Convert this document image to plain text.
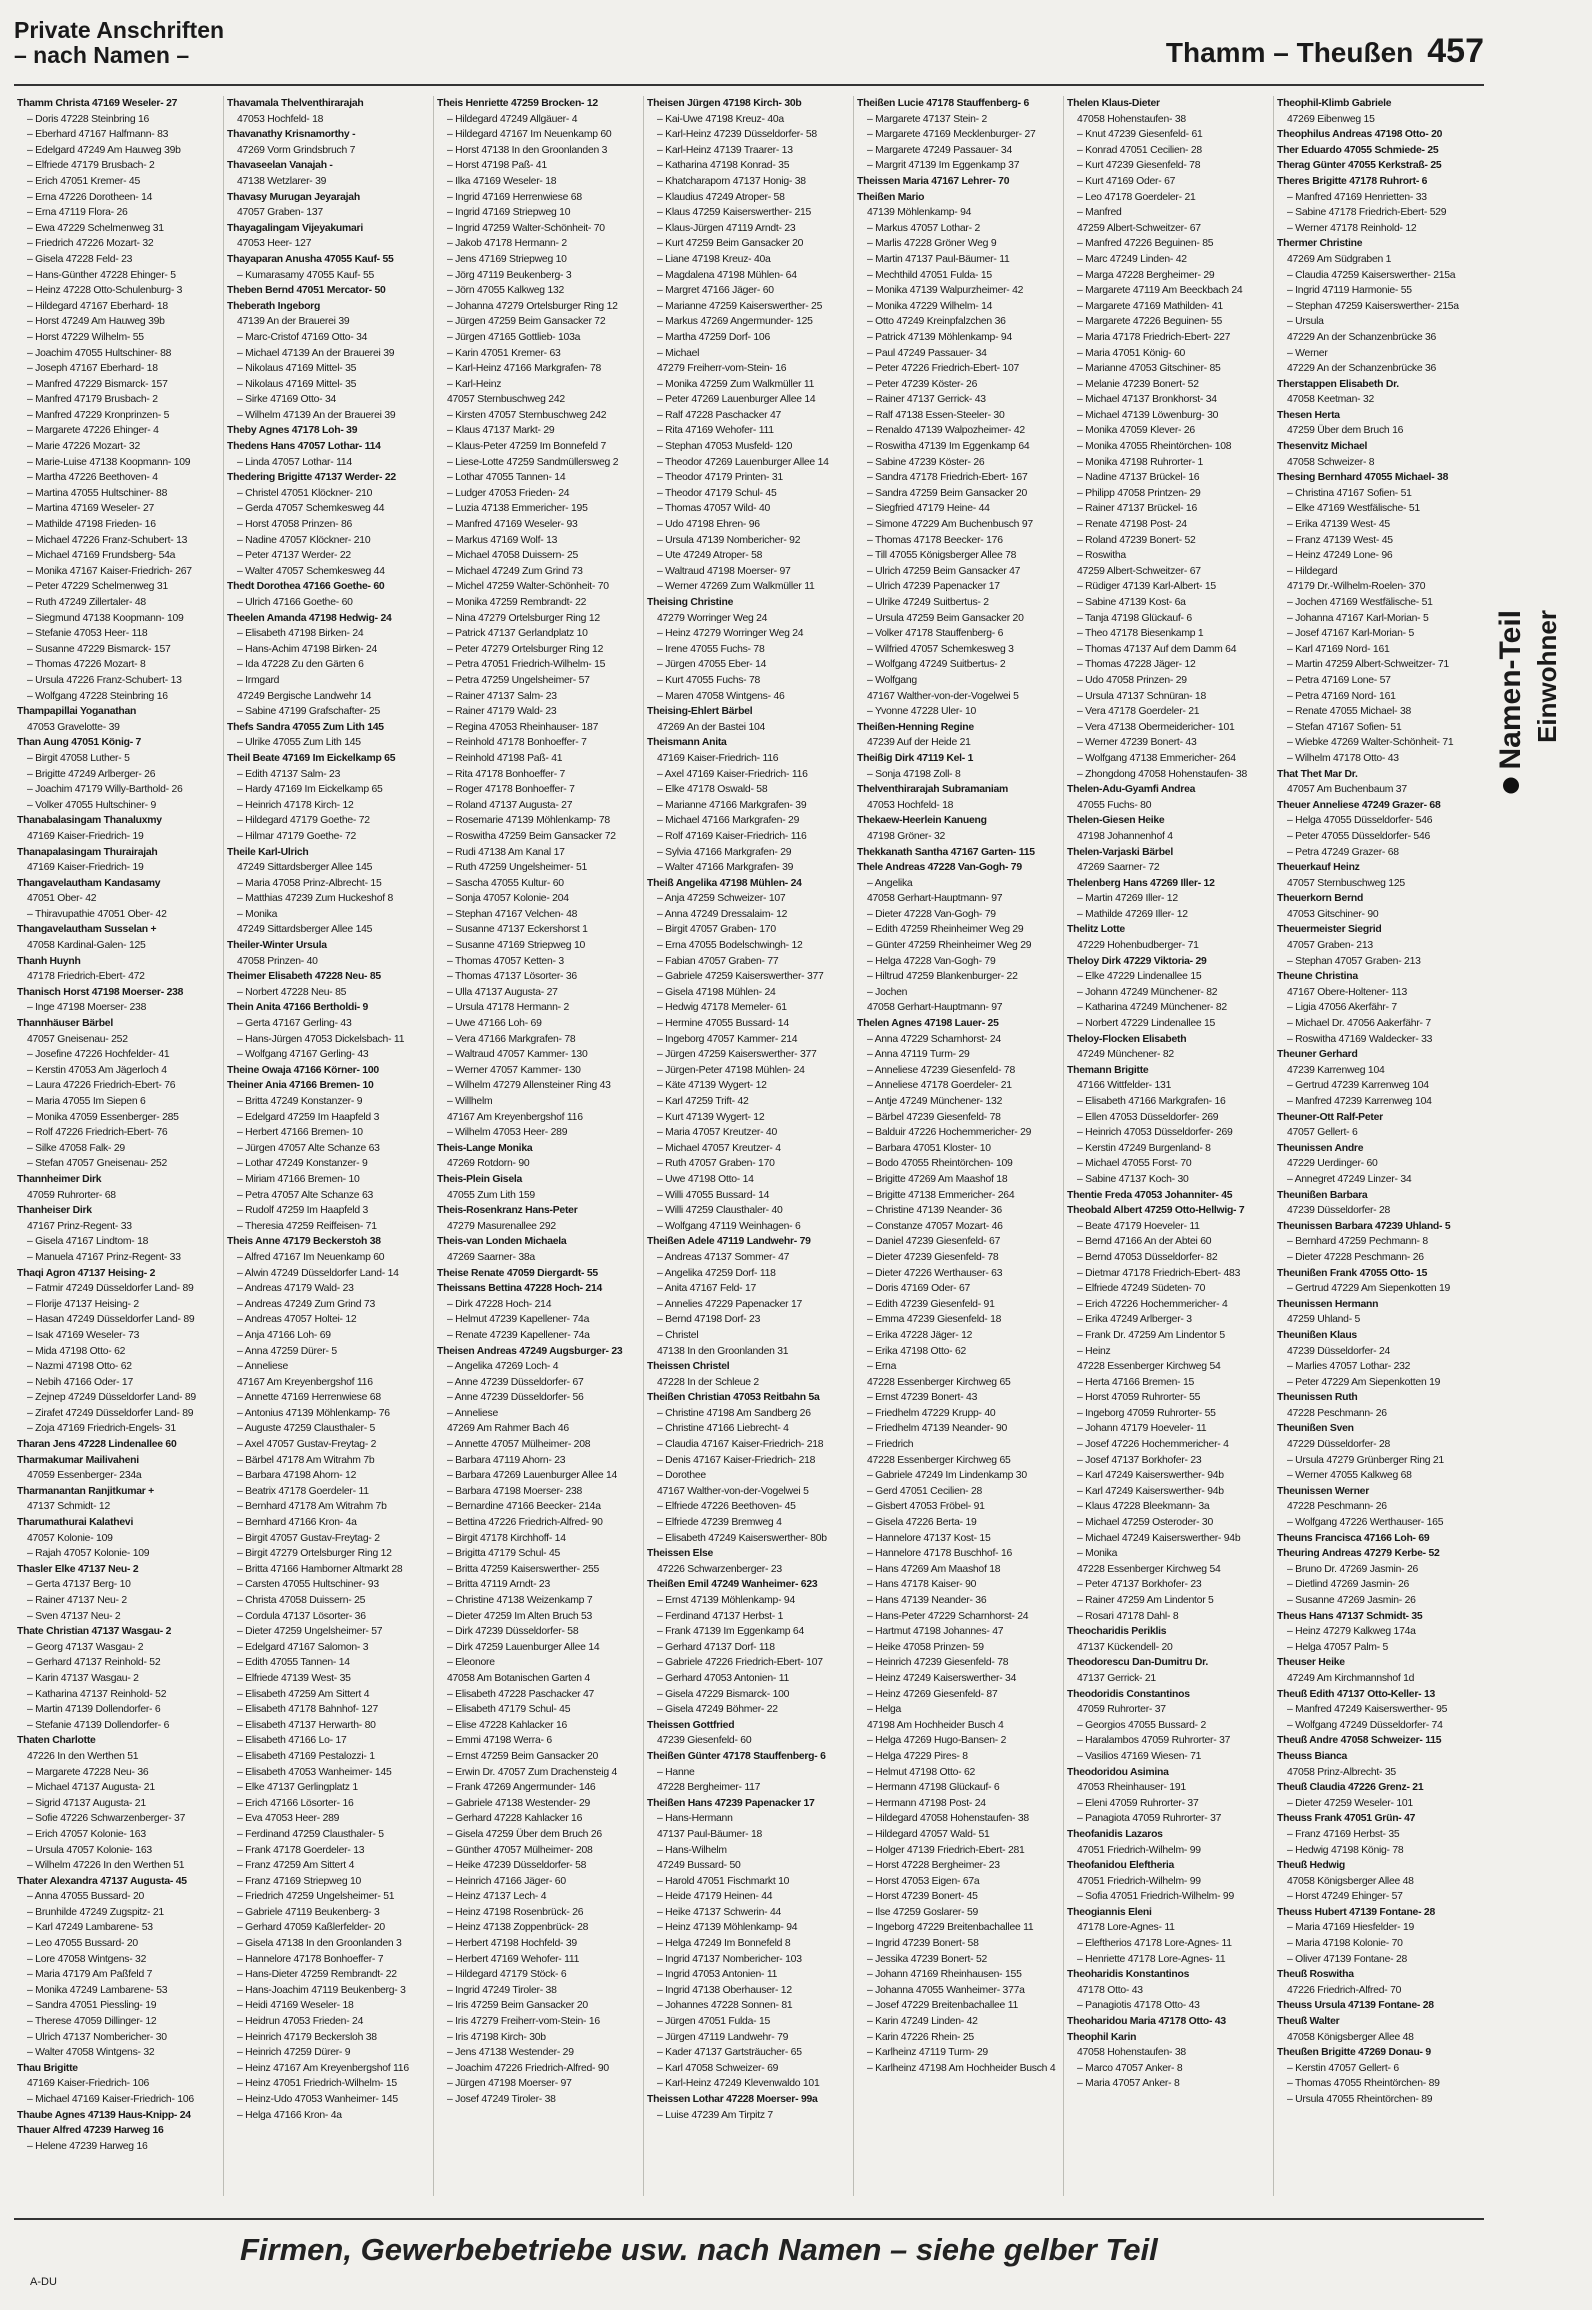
Private Anschriften
– nach Namen –	Thamm – Theußen 457
Thamm Christa 47169 Weseler- 27
– Doris 47228 Steinbring 16
– Eberhard 47167 Halfmann- 83
– Edelgard 47249 Am Hauweg 39b
– Elfriede 47179 Brusbach- 2
– Erich 47051 Kremer- 45
– Erna 47226 Dorotheen- 14
– Erna 47119 Flora- 26
– Ewa 47229 Schelmenweg 31
– Friedrich 47226 Mozart- 32
– Gisela 47228 Feld- 23
– Hans-Günther 47228 Ehinger- 5
– Heinz 47228 Otto-Schulenburg- 3
– Hildegard 47167 Eberhard- 18
– Horst 47249 Am Hauweg 39b
– Horst 47229 Wilhelm- 55
– Joachim 47055 Hultschiner- 88
– Joseph 47167 Eberhard- 18
– Manfred 47229 Bismarck- 157
– Manfred 47179 Brusbach- 2
– Manfred 47229 Kronprinzen- 5
– Margarete 47226 Ehinger- 4
– Marie 47226 Mozart- 32
– Marie-Luise 47138 Koopmann- 109
– Martha 47226 Beethoven- 4
– Martina 47055 Hultschiner- 88
– Martina 47169 Weseler- 27
– Mathilde 47198 Frieden- 16
– Michael 47226 Franz-Schubert- 13
– Michael 47169 Frundsberg- 54a
– Monika 47167 Kaiser-Friedrich- 267
– Peter 47229 Schelmenweg 31
– Ruth 47249 Zillertaler- 48
– Siegmund 47138 Koopmann- 109
– Stefanie 47053 Heer- 118
– Susanne 47229 Bismarck- 157
– Thomas 47226 Mozart- 8
– Ursula 47226 Franz-Schubert- 13
– Wolfgang 47228 Steinbring 16
Thampapillai Yoganathan
47053 Gravelotte- 39
Than Aung 47051 König- 7
– Birgit 47058 Luther- 5
– Brigitte 47249 Arlberger- 26
– Joachim 47179 Willy-Barthold- 26
– Volker 47055 Hultschiner- 9
Thanabalasingam Thanaluxmy
47169 Kaiser-Friedrich- 19
Thanapalasingam Thurairajah
47169 Kaiser-Friedrich- 19
Thangavelautham Kandasamy
47051 Ober- 42
– Thiravupathie 47051 Ober- 42
Thangavelautham Susselan +
47058 Kardinal-Galen- 125
Thanh Huynh
47178 Friedrich-Ebert- 472
Thanisch Horst 47198 Moerser- 238
– Inge 47198 Moerser- 238
Thannhäuser Bärbel
47057 Gneisenau- 252
– Josefine 47226 Hochfelder- 41
– Kerstin 47053 Am Jägerloch 4
– Laura 47226 Friedrich-Ebert- 76
– Maria 47055 Im Siepen 6
– Monika 47059 Essenberger- 285
– Rolf 47226 Friedrich-Ebert- 76
– Silke 47058 Falk- 29
– Stefan 47057 Gneisenau- 252
Thannheimer Dirk
47059 Ruhrorter- 68
Thanheiser Dirk
47167 Prinz-Regent- 33
– Gisela 47167 Lindtom- 18
– Manuela 47167 Prinz-Regent- 33
Thaqi Agron 47137 Heising- 2
– Fatmir 47249 Düsseldorfer Land- 89
– Florije 47137 Heising- 2
– Hasan 47249 Düsseldorfer Land- 89
– Isak 47169 Weseler- 73
– Mida 47198 Otto- 62
– Nazmi 47198 Otto- 62
– Nebih 47166 Oder- 17
– Zejnep 47249 Düsseldorfer Land- 89
– Zirafet 47249 Düsseldorfer Land- 89
– Zoja 47169 Friedrich-Engels- 31
Tharan Jens 47228 Lindenallee 60
Tharmakumar Mailivaheni
47059 Essenberger- 234a
Tharmanantan Ranjitkumar +
47137 Schmidt- 12
Tharumathurai Kalathevi
47057 Kolonie- 109
– Rajah 47057 Kolonie- 109
Thasler Elke 47137 Neu- 2
– Gerta 47137 Berg- 10
– Rainer 47137 Neu- 2
– Sven 47137 Neu- 2
Thate Christian 47137 Wasgau- 2
– Georg 47137 Wasgau- 2
– Gerhard 47137 Reinhold- 52
– Karin 47137 Wasgau- 2
– Katharina 47137 Reinhold- 52
– Martin 47139 Dollendorfer- 6
– Stefanie 47139 Dollendorfer- 6
Thaten Charlotte
47226 In den Werthen 51
– Margarete 47228 Neu- 36
– Michael 47137 Augusta- 21
– Sigrid 47137 Augusta- 21
– Sofie 47226 Schwarzenberger- 37
– Erich 47057 Kolonie- 163
– Ursula 47057 Kolonie- 163
– Wilhelm 47226 In den Werthen 51
Thater Alexandra 47137 Augusta- 45
– Anna 47055 Bussard- 20
– Brunhilde 47249 Zugspitz- 21
– Karl 47249 Lambarene- 53
– Leo 47055 Bussard- 20
– Lore 47058 Wintgens- 32
– Maria 47179 Am Paßfeld 7
– Monika 47249 Lambarene- 53
– Sandra 47051 Piessling- 19
– Therese 47059 Dillinger- 12
– Ulrich 47137 Nombericher- 30
– Walter 47058 Wintgens- 32
Thau Brigitte
47169 Kaiser-Friedrich- 106
– Michael 47169 Kaiser-Friedrich- 106
Thaube Agnes 47139 Haus-Knipp- 24
Thauer Alfred 47239 Harweg 16
– Helene 47239 Harweg 16
Thavamala Thelventhirarajah
47053 Hochfeld- 18
Thavanathy Krisnamorthy -
47269 Vorm Grindsbruch 7
Thavaseelan Vanajah -
47138 Wetzlarer- 39
Thavasy Murugan Jeyarajah
47057 Graben- 137
Thayagalingam Vijeyakumari
47053 Heer- 127
Thayaparan Anusha 47055 Kauf- 55
– Kumarasamy 47055 Kauf- 55
Theben Bernd 47051 Mercator- 50
Theberath Ingeborg
47139 An der Brauerei 39
– Marc-Cristof 47169 Otto- 34
– Michael 47139 An der Brauerei 39
– Nikolaus 47169 Mittel- 35
– Nikolaus 47169 Mittel- 35
– Sirke 47169 Otto- 34
– Wilhelm 47139 An der Brauerei 39
Theby Agnes 47178 Loh- 39
Thedens Hans 47057 Lothar- 114
– Linda 47057 Lothar- 114
Thedering Brigitte 47137 Werder- 22
– Christel 47051 Klöckner- 210
– Gerda 47057 Schemkesweg 44
– Horst 47058 Prinzen- 86
– Nadine 47057 Klöckner- 210
– Peter 47137 Werder- 22
– Walter 47057 Schemkesweg 44
Thedt Dorothea 47166 Goethe- 60
– Ulrich 47166 Goethe- 60
Theelen Amanda 47198 Hedwig- 24
– Elisabeth 47198 Birken- 24
– Hans-Achim 47198 Birken- 24
– Ida 47228 Zu den Gärten 6
– Irmgard
47249 Bergische Landwehr 14
– Sabine 47199 Grafschafter- 25
Thefs Sandra 47055 Zum Lith 145
– Ulrike 47055 Zum Lith 145
Theil Beate 47169 Im Eickelkamp 65
– Edith 47137 Salm- 23
– Hardy 47169 Im Eickelkamp 65
– Heinrich 47178 Kirch- 12
– Hildegard 47179 Goethe- 72
– Hilmar 47179 Goethe- 72
Theile Karl-Ulrich
47249 Sittardsberger Allee 145
– Maria 47058 Prinz-Albrecht- 15
– Matthias 47239 Zum Huckeshof 8
– Monika
47249 Sittardsberger Allee 145
Theiler-Winter Ursula
47058 Prinzen- 40
Theimer Elisabeth 47228 Neu- 85
– Norbert 47228 Neu- 85
Thein Anita 47166 Bertholdi- 9
– Gerta 47167 Gerling- 43
– Hans-Jürgen 47053 Dickelsbach- 11
– Wolfgang 47167 Gerling- 43
Theine Owaja 47166 Körner- 100
Theiner Ania 47166 Bremen- 10
– Britta 47249 Konstanzer- 9
– Edelgard 47259 Im Haapfeld 3
– Herbert 47166 Bremen- 10
– Jürgen 47057 Alte Schanze 63
– Lothar 47249 Konstanzer- 9
– Miriam 47166 Bremen- 10
– Petra 47057 Alte Schanze 63
– Rudolf 47259 Im Haapfeld 3
– Theresia 47259 Reiffeisen- 71
Theis Anne 47179 Beckerstoh 38
– Alfred 47167 Im Neuenkamp 60
– Alwin 47249 Düsseldorfer Land- 14
– Andreas 47179 Wald- 23
– Andreas 47249 Zum Grind 73
– Andreas 47057 Holtei- 12
– Anja 47166 Loh- 69
– Anna 47259 Dürer- 5
– Anneliese
47167 Am Kreyenbergshof 116
– Annette 47169 Herrenwiese 68
– Antonius 47139 Möhlenkamp- 76
– Auguste 47259 Clausthaler- 5
– Axel 47057 Gustav-Freytag- 2
– Bärbel 47178 Am Witrahm 7b
– Barbara 47198 Ahorn- 12
– Beatrix 47178 Goerdeler- 11
– Bernhard 47178 Am Witrahm 7b
– Bernhard 47166 Kron- 4a
– Birgit 47057 Gustav-Freytag- 2
– Birgit 47279 Ortelsburger Ring 12
– Britta 47166 Hamborner Altmarkt 28
– Carsten 47055 Hultschiner- 93
– Christa 47058 Duissern- 25
– Cordula 47137 Lösorter- 36
– Dieter 47259 Ungelsheimer- 57
– Edelgard 47167 Salomon- 3
– Edith 47055 Tannen- 14
– Elfriede 47139 West- 35
– Elisabeth 47259 Am Sittert 4
– Elisabeth 47178 Bahnhof- 127
– Elisabeth 47137 Herwarth- 80
– Elisabeth 47166 Lo- 17
– Elisabeth 47169 Pestalozzi- 1
– Elisabeth 47053 Wanheimer- 145
– Elke 47137 Gerlingplatz 1
– Erich 47166 Lösorter- 16
– Eva 47053 Heer- 289
– Ferdinand 47259 Clausthaler- 5
– Frank 47178 Goerdeler- 13
– Franz 47259 Am Sittert 4
– Franz 47169 Striepweg 10
– Friedrich 47259 Ungelsheimer- 51
– Gabriele 47119 Beukenberg- 3
– Gerhard 47059 Kaßlerfelder- 20
– Gisela 47138 In den Groonlanden 3
– Hannelore 47178 Bonhoeffer- 7
– Hans-Dieter 47259 Rembrandt- 22
– Hans-Joachim 47119 Beukenberg- 3
– Heidi 47169 Weseler- 18
– Heidrun 47053 Frieden- 24
– Heinrich 47179 Beckersloh 38
– Heinrich 47259 Dürer- 9
– Heinz 47167 Am Kreyenbergshof 116
– Heinz 47051 Friedrich-Wilhelm- 15
– Heinz-Udo 47053 Wanheimer- 145
– Helga 47166 Kron- 4a
Theis Henriette 47259 Brocken- 12
– Hildegard 47249 Allgäuer- 4
– Hildegard 47167 Im Neuenkamp 60
– Horst 47138 In den Groonlanden 3
– Horst 47198 Paß- 41
– Ilka 47169 Weseler- 18
– Ingrid 47169 Herrenwiese 68
– Ingrid 47169 Striepweg 10
– Ingrid 47259 Walter-Schönheit- 70
– Jakob 47178 Hermann- 2
– Jens 47169 Striepweg 10
– Jörg 47119 Beukenberg- 3
– Jörn 47055 Kalkweg 132
– Johanna 47279 Ortelsburger Ring 12
– Jürgen 47259 Beim Gansacker 72
– Jürgen 47165 Gottlieb- 103a
– Karin 47051 Kremer- 63
– Karl-Heinz 47166 Markgrafen- 78
– Karl-Heinz
47057 Sternbuschweg 242
– Kirsten 47057 Sternbuschweg 242
– Klaus 47137 Markt- 29
– Klaus-Peter 47259 Im Bonnefeld 7
– Liese-Lotte 47259 Sandmüllersweg 2
– Lothar 47055 Tannen- 14
– Ludger 47053 Frieden- 24
– Luzia 47138 Emmericher- 195
– Manfred 47169 Weseler- 93
– Markus 47169 Wolf- 13
– Michael 47058 Duissern- 25
– Michael 47249 Zum Grind 73
– Michel 47259 Walter-Schönheit- 70
– Monika 47259 Rembrandt- 22
– Nina 47279 Ortelsburger Ring 12
– Patrick 47137 Gerlandplatz 10
– Peter 47279 Ortelsburger Ring 12
– Petra 47051 Friedrich-Wilhelm- 15
– Petra 47259 Ungelsheimer- 57
– Rainer 47137 Salm- 23
– Rainer 47179 Wald- 23
– Regina 47053 Rheinhauser- 187
– Reinhold 47178 Bonhoeffer- 7
– Reinhold 47198 Paß- 41
– Rita 47178 Bonhoeffer- 7
– Roger 47178 Bonhoeffer- 7
– Roland 47137 Augusta- 27
– Rosemarie 47139 Möhlenkamp- 78
– Roswitha 47259 Beim Gansacker 72
– Rudi 47138 Am Kanal 17
– Ruth 47259 Ungelsheimer- 51
– Sascha 47055 Kultur- 60
– Sonja 47057 Kolonie- 204
– Stephan 47167 Velchen- 48
– Susanne 47137 Eckershorst 1
– Susanne 47169 Striepweg 10
– Thomas 47057 Ketten- 3
– Thomas 47137 Lösorter- 36
– Ulla 47137 Augusta- 27
– Ursula 47178 Hermann- 2
– Uwe 47166 Loh- 69
– Vera 47166 Markgrafen- 78
– Waltraud 47057 Kammer- 130
– Werner 47057 Kammer- 130
– Wilhelm 47279 Allensteiner Ring 43
– Willhelm
47167 Am Kreyenbergshof 116
– Wilhelm 47053 Heer- 289
Theis-Lange Monika
47269 Rotdorn- 90
Theis-Plein Gisela
47055 Zum Lith 159
Theis-Rosenkranz Hans-Peter
47279 Masurenallee 292
Theis-van Londen Michaela
47269 Saarner- 38a
Theise Renate 47059 Diergardt- 55
Theissans Bettina 47228 Hoch- 214
– Dirk 47228 Hoch- 214
– Helmut 47239 Kapellener- 74a
– Renate 47239 Kapellener- 74a
Theisen Andreas 47249 Augsburger- 23
– Angelika 47269 Loch- 4
– Anne 47239 Düsseldorfer- 67
– Anne 47239 Düsseldorfer- 56
– Anneliese
47269 Am Rahmer Bach 46
– Annette 47057 Mülheimer- 208
– Barbara 47119 Ahorn- 23
– Barbara 47269 Lauenburger Allee 14
– Barbara 47198 Moerser- 238
– Bernardine 47166 Beecker- 214a
– Bettina 47226 Friedrich-Alfred- 90
– Birgit 47178 Kirchhoff- 14
– Brigitta 47179 Schul- 45
– Britta 47259 Kaiserswerther- 255
– Britta 47119 Arndt- 23
– Christine 47138 Weizenkamp 7
– Dieter 47259 Im Alten Bruch 53
– Dirk 47239 Düsseldorfer- 58
– Dirk 47259 Lauenburger Allee 14
– Eleonore
47058 Am Botanischen Garten 4
– Elisabeth 47228 Paschacker 47
– Elisabeth 47179 Schul- 45
– Elise 47228 Kahlacker 16
– Emmi 47198 Werra- 6
– Ernst 47259 Beim Gansacker 20
– Erwin Dr. 47057 Zum Drachensteig 4
– Frank 47269 Angermunder- 146
– Gabriele 47138 Westender- 29
– Gerhard 47228 Kahlacker 16
– Gisela 47259 Über dem Bruch 26
– Günther 47057 Mülheimer- 208
– Heike 47239 Düsseldorfer- 58
– Heinrich 47166 Jäger- 60
– Heinz 47137 Lech- 4
– Heinz 47198 Rosenbrück- 26
– Heinz 47138 Zoppenbrück- 28
– Herbert 47198 Hochfeld- 39
– Herbert 47169 Wehofer- 111
– Hildegard 47179 Stöck- 6
– Ingrid 47249 Tiroler- 38
– Iris 47259 Beim Gansacker 20
– Iris 47279 Freiherr-vom-Stein- 16
– Iris 47198 Kirch- 30b
– Jens 47138 Westender- 29
– Joachim 47226 Friedrich-Alfred- 90
– Jürgen 47198 Moerser- 97
– Josef 47249 Tiroler- 38
Theisen Jürgen 47198 Kirch- 30b
– Kai-Uwe 47198 Kreuz- 40a
– Karl-Heinz 47239 Düsseldorfer- 58
– Karl-Heinz 47139 Traarer- 13
– Katharina 47198 Konrad- 35
– Khatcharaporn 47137 Honig- 38
– Klaudius 47249 Atroper- 58
– Klaus 47259 Kaiserswerther- 215
– Klaus-Jürgen 47119 Arndt- 23
– Kurt 47259 Beim Gansacker 20
– Liane 47198 Kreuz- 40a
– Magdalena 47198 Mühlen- 64
– Margret 47166 Jäger- 60
– Marianne 47259 Kaiserswerther- 25
– Markus 47269 Angermunder- 125
– Martha 47259 Dorf- 106
– Michael
47279 Freiherr-vom-Stein- 16
– Monika 47259 Zum Walkmüller 11
– Peter 47269 Lauenburger Allee 14
– Ralf 47228 Paschacker 47
– Rita 47169 Wehofer- 111
– Stephan 47053 Musfeld- 120
– Theodor 47269 Lauenburger Allee 14
– Theodor 47179 Printen- 31
– Theodor 47179 Schul- 45
– Thomas 47057 Wild- 40
– Udo 47198 Ehren- 96
– Ursula 47139 Nombericher- 92
– Ute 47249 Atroper- 58
– Waltraud 47198 Moerser- 97
– Werner 47269 Zum Walkmüller 11
Theising Christine
47279 Worringer Weg 24
– Heinz 47279 Worringer Weg 24
– Irene 47055 Fuchs- 78
– Jürgen 47055 Eber- 14
– Kurt 47055 Fuchs- 78
– Maren 47058 Wintgens- 46
Theising-Ehlert Bärbel
47269 An der Bastei 104
Theismann Anita
47169 Kaiser-Friedrich- 116
– Axel 47169 Kaiser-Friedrich- 116
– Elke 47178 Oswald- 58
– Marianne 47166 Markgrafen- 39
– Michael 47166 Markgrafen- 29
– Rolf 47169 Kaiser-Friedrich- 116
– Sylvia 47166 Markgrafen- 29
– Walter 47166 Markgrafen- 39
Theiß Angelika 47198 Mühlen- 24
– Anja 47259 Schweizer- 107
– Anna 47249 Dressalaim- 12
– Birgit 47057 Graben- 170
– Erna 47055 Bodelschwingh- 12
– Fabian 47057 Graben- 77
– Gabriele 47259 Kaiserswerther- 377
– Gisela 47198 Mühlen- 24
– Hedwig 47178 Memeler- 61
– Hermine 47055 Bussard- 14
– Ingeborg 47057 Kammer- 214
– Jürgen 47259 Kaiserswerther- 377
– Jürgen-Peter 47198 Mühlen- 24
– Käte 47139 Wygert- 12
– Karl 47259 Trift- 42
– Kurt 47139 Wygert- 12
– Maria 47057 Kreutzer- 40
– Michael 47057 Kreutzer- 4
– Ruth 47057 Graben- 170
– Uwe 47198 Otto- 14
– Willi 47055 Bussard- 14
– Willi 47259 Clausthaler- 40
– Wolfgang 47119 Weinhagen- 6
Theißen Adele 47119 Landwehr- 79
– Andreas 47137 Sommer- 47
– Angelika 47259 Dorf- 118
– Anita 47167 Feld- 17
– Annelies 47229 Papenacker 17
– Bernd 47198 Dorf- 23
– Christel
47138 In den Groonlanden 31
Theissen Christel
47228 In der Schleue 2
Theißen Christian 47053 Reitbahn 5a
– Christine 47198 Am Sandberg 26
– Christine 47166 Liebrecht- 4
– Claudia 47167 Kaiser-Friedrich- 218
– Denis 47167 Kaiser-Friedrich- 218
– Dorothee
47167 Walther-von-der-Vogelwei 5
– Elfriede 47226 Beethoven- 45
– Elfriede 47239 Bremweg 4
– Elisabeth 47249 Kaiserswerther- 80b
Theissen Else
47226 Schwarzenberger- 23
Theißen Emil 47249 Wanheimer- 623
– Ernst 47139 Möhlenkamp- 94
– Ferdinand 47137 Herbst- 1
– Frank 47139 Im Eggenkamp 64
– Gerhard 47137 Dorf- 118
– Gabriele 47226 Friedrich-Ebert- 107
– Gerhard 47053 Antonien- 11
– Gisela 47229 Bismarck- 100
– Gisela 47249 Böhmer- 22
Theissen Gottfried
47239 Giesenfeld- 60
Theißen Günter 47178 Stauffenberg- 6
– Hanne
47228 Bergheimer- 117
Theißen Hans 47239 Papenacker 17
– Hans-Hermann
47137 Paul-Bäumer- 18
– Hans-Wilhelm
47249 Bussard- 50
– Harold 47051 Fischmarkt 10
– Heide 47179 Heinen- 44
– Heike 47137 Schwerin- 44
– Heinz 47139 Möhlenkamp- 94
– Helga 47249 Im Bonnefeld 8
– Ingrid 47137 Nombericher- 103
– Ingrid 47053 Antonien- 11
– Ingrid 47138 Oberhauser- 12
– Johannes 47228 Sonnen- 81
– Jürgen 47051 Fulda- 15
– Jürgen 47119 Landwehr- 79
– Kader 47137 Gartsträucher- 65
– Karl 47058 Schweizer- 69
– Karl-Heinz 47249 Klevenwaldo 101
Theissen Lothar 47228 Moerser- 99a
– Luise 47239 Am Tirpitz 7
Theißen Lucie 47178 Stauffenberg- 6
– Margarete 47137 Stein- 2
– Margarete 47169 Mecklenburger- 27
– Margarete 47249 Passauer- 34
– Margrit 47139 Im Eggenkamp 37
Theissen Maria 47167 Lehrer- 70
Theißen Mario
47139 Möhlenkamp- 94
– Markus 47057 Lothar- 2
– Marlis 47228 Gröner Weg 9
– Martin 47137 Paul-Bäumer- 11
– Mechthild 47051 Fulda- 15
– Monika 47139 Walpurzheimer- 42
– Monika 47229 Wilhelm- 14
– Otto 47249 Kreinpfalzchen 36
– Patrick 47139 Möhlenkamp- 94
– Paul 47249 Passauer- 34
– Peter 47226 Friedrich-Ebert- 107
– Peter 47239 Köster- 26
– Rainer 47137 Gerrick- 43
– Ralf 47138 Essen-Steeler- 30
– Renaldo 47139 Walpozheimer- 42
– Roswitha 47139 Im Eggenkamp 64
– Sabine 47239 Köster- 26
– Sandra 47178 Friedrich-Ebert- 167
– Sandra 47259 Beim Gansacker 20
– Siegfried 47179 Heine- 44
– Simone 47229 Am Buchenbusch 97
– Thomas 47178 Beecker- 176
– Till 47055 Königsberger Allee 78
– Ulrich 47259 Beim Gansacker 47
– Ulrich 47239 Papenacker 17
– Ulrike 47249 Suitbertus- 2
– Ursula 47259 Beim Gansacker 20
– Volker 47178 Stauffenberg- 6
– Wilfried 47057 Schemkesweg 3
– Wolfgang 47249 Suitbertus- 2
– Wolfgang
47167 Walther-von-der-Vogelwei 5
– Yvonne 47228 Uler- 10
Theißen-Henning Regine
47239 Auf der Heide 21
Theißig Dirk 47119 Kel- 1
– Sonja 47198 Zoll- 8
Thelventhirarajah Subramaniam
47053 Hochfeld- 18
Thekaew-Heerlein Kanueng
47198 Gröner- 32
Thekkanath Santha 47167 Garten- 115
Thele Andreas 47228 Van-Gogh- 79
– Angelika
47058 Gerhart-Hauptmann- 97
– Dieter 47228 Van-Gogh- 79
– Edith 47259 Rheinheimer Weg 29
– Günter 47259 Rheinheimer Weg 29
– Helga 47228 Van-Gogh- 79
– Hiltrud 47259 Blankenburger- 22
– Jochen
47058 Gerhart-Hauptmann- 97
Thelen Agnes 47198 Lauer- 25
– Anna 47229 Scharnhorst- 24
– Anna 47119 Turm- 29
– Anneliese 47239 Giesenfeld- 78
– Anneliese 47178 Goerdeler- 21
– Antje 47249 Münchener- 132
– Bärbel 47239 Giesenfeld- 78
– Balduir 47226 Hochemmericher- 29
– Barbara 47051 Kloster- 10
– Bodo 47055 Rheintörchen- 109
– Brigitte 47269 Am Maashof 18
– Brigitte 47138 Emmericher- 264
– Christine 47139 Neander- 36
– Constanze 47057 Mozart- 46
– Daniel 47239 Giesenfeld- 67
– Dieter 47239 Giesenfeld- 78
– Dieter 47226 Werthauser- 63
– Doris 47169 Oder- 67
– Edith 47239 Giesenfeld- 91
– Emma 47239 Giesenfeld- 18
– Erika 47228 Jäger- 12
– Erika 47198 Otto- 62
– Erna
47228 Essenberger Kirchweg 65
– Ernst 47239 Bonert- 43
– Friedhelm 47229 Krupp- 40
– Friedhelm 47139 Neander- 90
– Friedrich
47228 Essenberger Kirchweg 65
– Gabriele 47249 Im Lindenkamp 30
– Gerd 47051 Cecilien- 28
– Gisbert 47053 Fröbel- 91
– Gisela 47226 Berta- 19
– Hannelore 47137 Kost- 15
– Hannelore 47178 Buschhof- 16
– Hans 47269 Am Maashof 18
– Hans 47178 Kaiser- 90
– Hans 47139 Neander- 36
– Hans-Peter 47229 Scharnhorst- 24
– Hartmut 47198 Johannes- 47
– Heike 47058 Prinzen- 59
– Heinrich 47239 Giesenfeld- 78
– Heinz 47249 Kaiserswerther- 34
– Heinz 47269 Giesenfeld- 87
– Helga
47198 Am Hochheider Busch 4
– Helga 47269 Hugo-Bansen- 2
– Helga 47229 Pires- 8
– Helmut 47198 Otto- 62
– Hermann 47198 Glückauf- 6
– Hermann 47198 Post- 24
– Hildegard 47058 Hohenstaufen- 38
– Hildegard 47057 Wald- 51
– Holger 47139 Friedrich-Ebert- 281
– Horst 47228 Bergheimer- 23
– Horst 47053 Eigen- 67a
– Horst 47239 Bonert- 45
– Ilse 47259 Goslarer- 59
– Ingeborg 47229 Breitenbachallee 11
– Ingrid 47239 Bonert- 58
– Jessika 47239 Bonert- 52
– Johann 47169 Rheinhausen- 155
– Johanna 47055 Wanheimer- 377a
– Josef 47229 Breitenbachallee 11
– Karin 47249 Linden- 42
– Karin 47226 Rhein- 25
– Karlheinz 47119 Turm- 29
– Karlheinz 47198 Am Hochheider Busch 4
Thelen Klaus-Dieter
47058 Hohenstaufen- 38
– Knut 47239 Giesenfeld- 61
– Konrad 47051 Cecilien- 28
– Kurt 47239 Giesenfeld- 78
– Kurt 47169 Oder- 67
– Leo 47178 Goerdeler- 21
– Manfred
47259 Albert-Schweitzer- 67
– Manfred 47226 Beguinen- 85
– Marc 47249 Linden- 42
– Marga 47228 Bergheimer- 29
– Margarete 47119 Am Beeckbach 24
– Margarete 47169 Mathilden- 41
– Margarete 47226 Beguinen- 55
– Maria 47178 Friedrich-Ebert- 227
– Maria 47051 König- 60
– Marianne 47053 Gitschiner- 85
– Melanie 47239 Bonert- 52
– Michael 47137 Bronkhorst- 34
– Michael 47139 Löwenburg- 30
– Monika 47059 Klever- 26
– Monika 47055 Rheintörchen- 108
– Monika 47198 Ruhrorter- 1
– Nadine 47137 Brückel- 16
– Philipp 47058 Printzen- 29
– Rainer 47137 Brückel- 16
– Renate 47198 Post- 24
– Roland 47239 Bonert- 52
– Roswitha
47259 Albert-Schweitzer- 67
– Rüdiger 47139 Karl-Albert- 15
– Sabine 47139 Kost- 6a
– Tanja 47198 Glückauf- 6
– Theo 47178 Biesenkamp 1
– Thomas 47137 Auf dem Damm 64
– Thomas 47228 Jäger- 12
– Udo 47058 Prinzen- 29
– Ursula 47137 Schnüran- 18
– Vera 47178 Goerdeler- 21
– Vera 47138 Obermeidericher- 101
– Werner 47239 Bonert- 43
– Wolfgang 47138 Emmericher- 264
– Zhongdong 47058 Hohenstaufen- 38
Thelen-Adu-Gyamfi Andrea
47055 Fuchs- 80
Thelen-Giesen Heike
47198 Johannenhof 4
Thelen-Varjaski Bärbel
47269 Saarner- 72
Thelenberg Hans 47269 Iller- 12
– Martin 47269 Iller- 12
– Mathilde 47269 Iller- 12
Thelitz Lotte
47229 Hohenbudberger- 71
Theloy Dirk 47229 Viktoria- 29
– Elke 47229 Lindenallee 15
– Johann 47249 Münchener- 82
– Katharina 47249 Münchener- 82
– Norbert 47229 Lindenallee 15
Theloy-Flocken Elisabeth
47249 Münchener- 82
Themann Brigitte
47166 Wittfelder- 131
– Elisabeth 47166 Markgrafen- 16
– Ellen 47053 Düsseldorfer- 269
– Heinrich 47053 Düsseldorfer- 269
– Kerstin 47249 Burgenland- 8
– Michael 47055 Forst- 70
– Sabine 47137 Koch- 30
Thentie Freda 47053 Johanniter- 45
Theobald Albert 47259 Otto-Hellwig- 7
– Beate 47179 Hoeveler- 11
– Bernd 47166 An der Abtei 60
– Bernd 47053 Düsseldorfer- 82
– Dietmar 47178 Friedrich-Ebert- 483
– Elfriede 47249 Südeten- 70
– Erich 47226 Hochemmericher- 4
– Erika 47249 Arlberger- 3
– Frank Dr. 47259 Am Lindentor 5
– Heinz
47228 Essenberger Kirchweg 54
– Herta 47166 Bremen- 15
– Horst 47059 Ruhrorter- 55
– Ingeborg 47059 Ruhrorter- 55
– Johann 47179 Hoeveler- 11
– Josef 47226 Hochemmericher- 4
– Josef 47137 Borkhofer- 23
– Karl 47249 Kaiserswerther- 94b
– Karl 47249 Kaiserswerther- 94b
– Klaus 47228 Bleekmann- 3a
– Michael 47259 Osteroder- 30
– Michael 47249 Kaiserswerther- 94b
– Monika
47228 Essenberger Kirchweg 54
– Peter 47137 Borkhofer- 23
– Rainer 47259 Am Lindentor 5
– Rosari 47178 Dahl- 8
Theocharidis Periklis
47137 Kückendell- 20
Theodorescu Dan-Dumitru Dr.
47137 Gerrick- 21
Theodoridis Constantinos
47059 Ruhrorter- 37
– Georgios 47055 Bussard- 2
– Haralambos 47059 Ruhrorter- 37
– Vasilios 47169 Wiesen- 71
Theodoridou Asimina
47053 Rheinhauser- 191
– Eleni 47059 Ruhrorter- 37
– Panagiota 47059 Ruhrorter- 37
Theofanidis Lazaros
47051 Friedrich-Wilhelm- 99
Theofanidou Eleftheria
47051 Friedrich-Wilhelm- 99
– Sofia 47051 Friedrich-Wilhelm- 99
Theogiannis Eleni
47178 Lore-Agnes- 11
– Eleftherios 47178 Lore-Agnes- 11
– Henriette 47178 Lore-Agnes- 11
Theoharidis Konstantinos
47178 Otto- 43
– Panagiotis 47178 Otto- 43
Theoharidou Maria 47178 Otto- 43
Theophil Karin
47058 Hohenstaufen- 38
– Marco 47057 Anker- 8
– Maria 47057 Anker- 8
Theophil-Klimb Gabriele
47269 Eibenweg 15
Theophilus Andreas 47198 Otto- 20
Ther Eduardo 47055 Schmiede- 25
Therag Günter 47055 Kerkstraß- 25
Theres Brigitte 47178 Ruhrort- 6
– Manfred 47169 Henrietten- 33
– Sabine 47178 Friedrich-Ebert- 529
– Werner 47178 Reinhold- 12
Thermer Christine
47269 Am Südgraben 1
– Claudia 47259 Kaiserswerther- 215a
– Ingrid 47119 Harmonie- 55
– Stephan 47259 Kaiserswerther- 215a
– Ursula
47229 An der Schanzenbrücke 36
– Werner
47229 An der Schanzenbrücke 36
Therstappen Elisabeth Dr.
47058 Keetman- 32
Thesen Herta
47259 Über dem Bruch 16
Thesenvitz Michael
47058 Schweizer- 8
Thesing Bernhard 47055 Michael- 38
– Christina 47167 Sofien- 51
– Elke 47169 Westfälische- 51
– Erika 47139 West- 45
– Franz 47139 West- 45
– Heinz 47249 Lone- 96
– Hildegard
47179 Dr.-Wilhelm-Roelen- 370
– Jochen 47169 Westfälische- 51
– Johanna 47167 Karl-Morian- 5
– Josef 47167 Karl-Morian- 5
– Karl 47169 Nord- 161
– Martin 47259 Albert-Schweitzer- 71
– Petra 47169 Lone- 57
– Petra 47169 Nord- 161
– Renate 47055 Michael- 38
– Stefan 47167 Sofien- 51
– Wiebke 47269 Walter-Schönheit- 71
– Wilhelm 47178 Otto- 43
That Thet Mar Dr.
47057 Am Buchenbaum 37
Theuer Anneliese 47249 Grazer- 68
– Helga 47055 Düsseldorfer- 546
– Peter 47055 Düsseldorfer- 546
– Petra 47249 Grazer- 68
Theuerkauf Heinz
47057 Sternbuschweg 125
Theuerkorn Bernd
47053 Gitschiner- 90
Theuermeister Siegrid
47057 Graben- 213
– Stephan 47057 Graben- 213
Theune Christina
47167 Obere-Holtener- 113
– Ligia 47056 Akerfähr- 7
– Michael Dr. 47056 Aakerfähr- 7
– Roswitha 47169 Waldecker- 33
Theuner Gerhard
47239 Karrenweg 104
– Gertrud 47239 Karrenweg 104
– Manfred 47239 Karrenweg 104
Theuner-Ott Ralf-Peter
47057 Gellert- 6
Theunissen Andre
47229 Uerdinger- 60
– Annegret 47249 Linzer- 34
Theunißen Barbara
47239 Düsseldorfer- 28
Theunissen Barbara 47239 Uhland- 5
– Bernhard 47259 Pechmann- 8
– Dieter 47228 Peschmann- 26
Theunißen Frank 47055 Otto- 15
– Gertrud 47229 Am Siepenkotten 19
Theunissen Hermann
47259 Uhland- 5
Theunißen Klaus
47239 Düsseldorfer- 24
– Marlies 47057 Lothar- 232
– Peter 47229 Am Siepenkotten 19
Theunissen Ruth
47228 Peschmann- 26
Theunißen Sven
47229 Düsseldorfer- 28
– Ursula 47279 Grünberger Ring 21
– Werner 47055 Kalkweg 68
Theunissen Werner
47228 Peschmann- 26
– Wolfgang 47226 Werthauser- 165
Theuns Francisca 47166 Loh- 69
Theuring Andreas 47279 Kerbe- 52
– Bruno Dr. 47269 Jasmin- 26
– Dietlind 47269 Jasmin- 26
– Susanne 47269 Jasmin- 26
Theus Hans 47137 Schmidt- 35
– Heinz 47279 Kalkweg 174a
– Helga 47057 Palm- 5
Theuser Heike
47249 Am Kirchmannshof 1d
Theuß Edith 47137 Otto-Keller- 13
– Manfred 47249 Kaiserswerther- 95
– Wolfgang 47249 Düsseldorfer- 74
Theuß Andre 47058 Schweizer- 115
Theuss Bianca
47058 Prinz-Albrecht- 35
Theuß Claudia 47226 Grenz- 21
– Dieter 47259 Weseler- 101
Theuss Frank 47051 Grün- 47
– Franz 47169 Herbst- 35
– Hedwig 47198 König- 78
Theuß Hedwig
47058 Königsberger Allee 48
– Horst 47249 Ehinger- 57
Theuss Hubert 47139 Fontane- 28
– Maria 47169 Hiesfelder- 19
– Maria 47198 Kolonie- 70
– Oliver 47139 Fontane- 28
Theuß Roswitha
47226 Friedrich-Alfred- 70
Theuss Ursula 47139 Fontane- 28
Theuß Walter
47058 Königsberger Allee 48
Theußen Brigitte 47269 Donau- 9
– Kerstin 47057 Gellert- 6
– Thomas 47055 Rheintörchen- 89
– Ursula 47055 Rheintörchen- 89
Einwohner
Namen-Teil
Firmen, Gewerbebetriebe usw. nach Namen – siehe gelber Teil
A-DU
